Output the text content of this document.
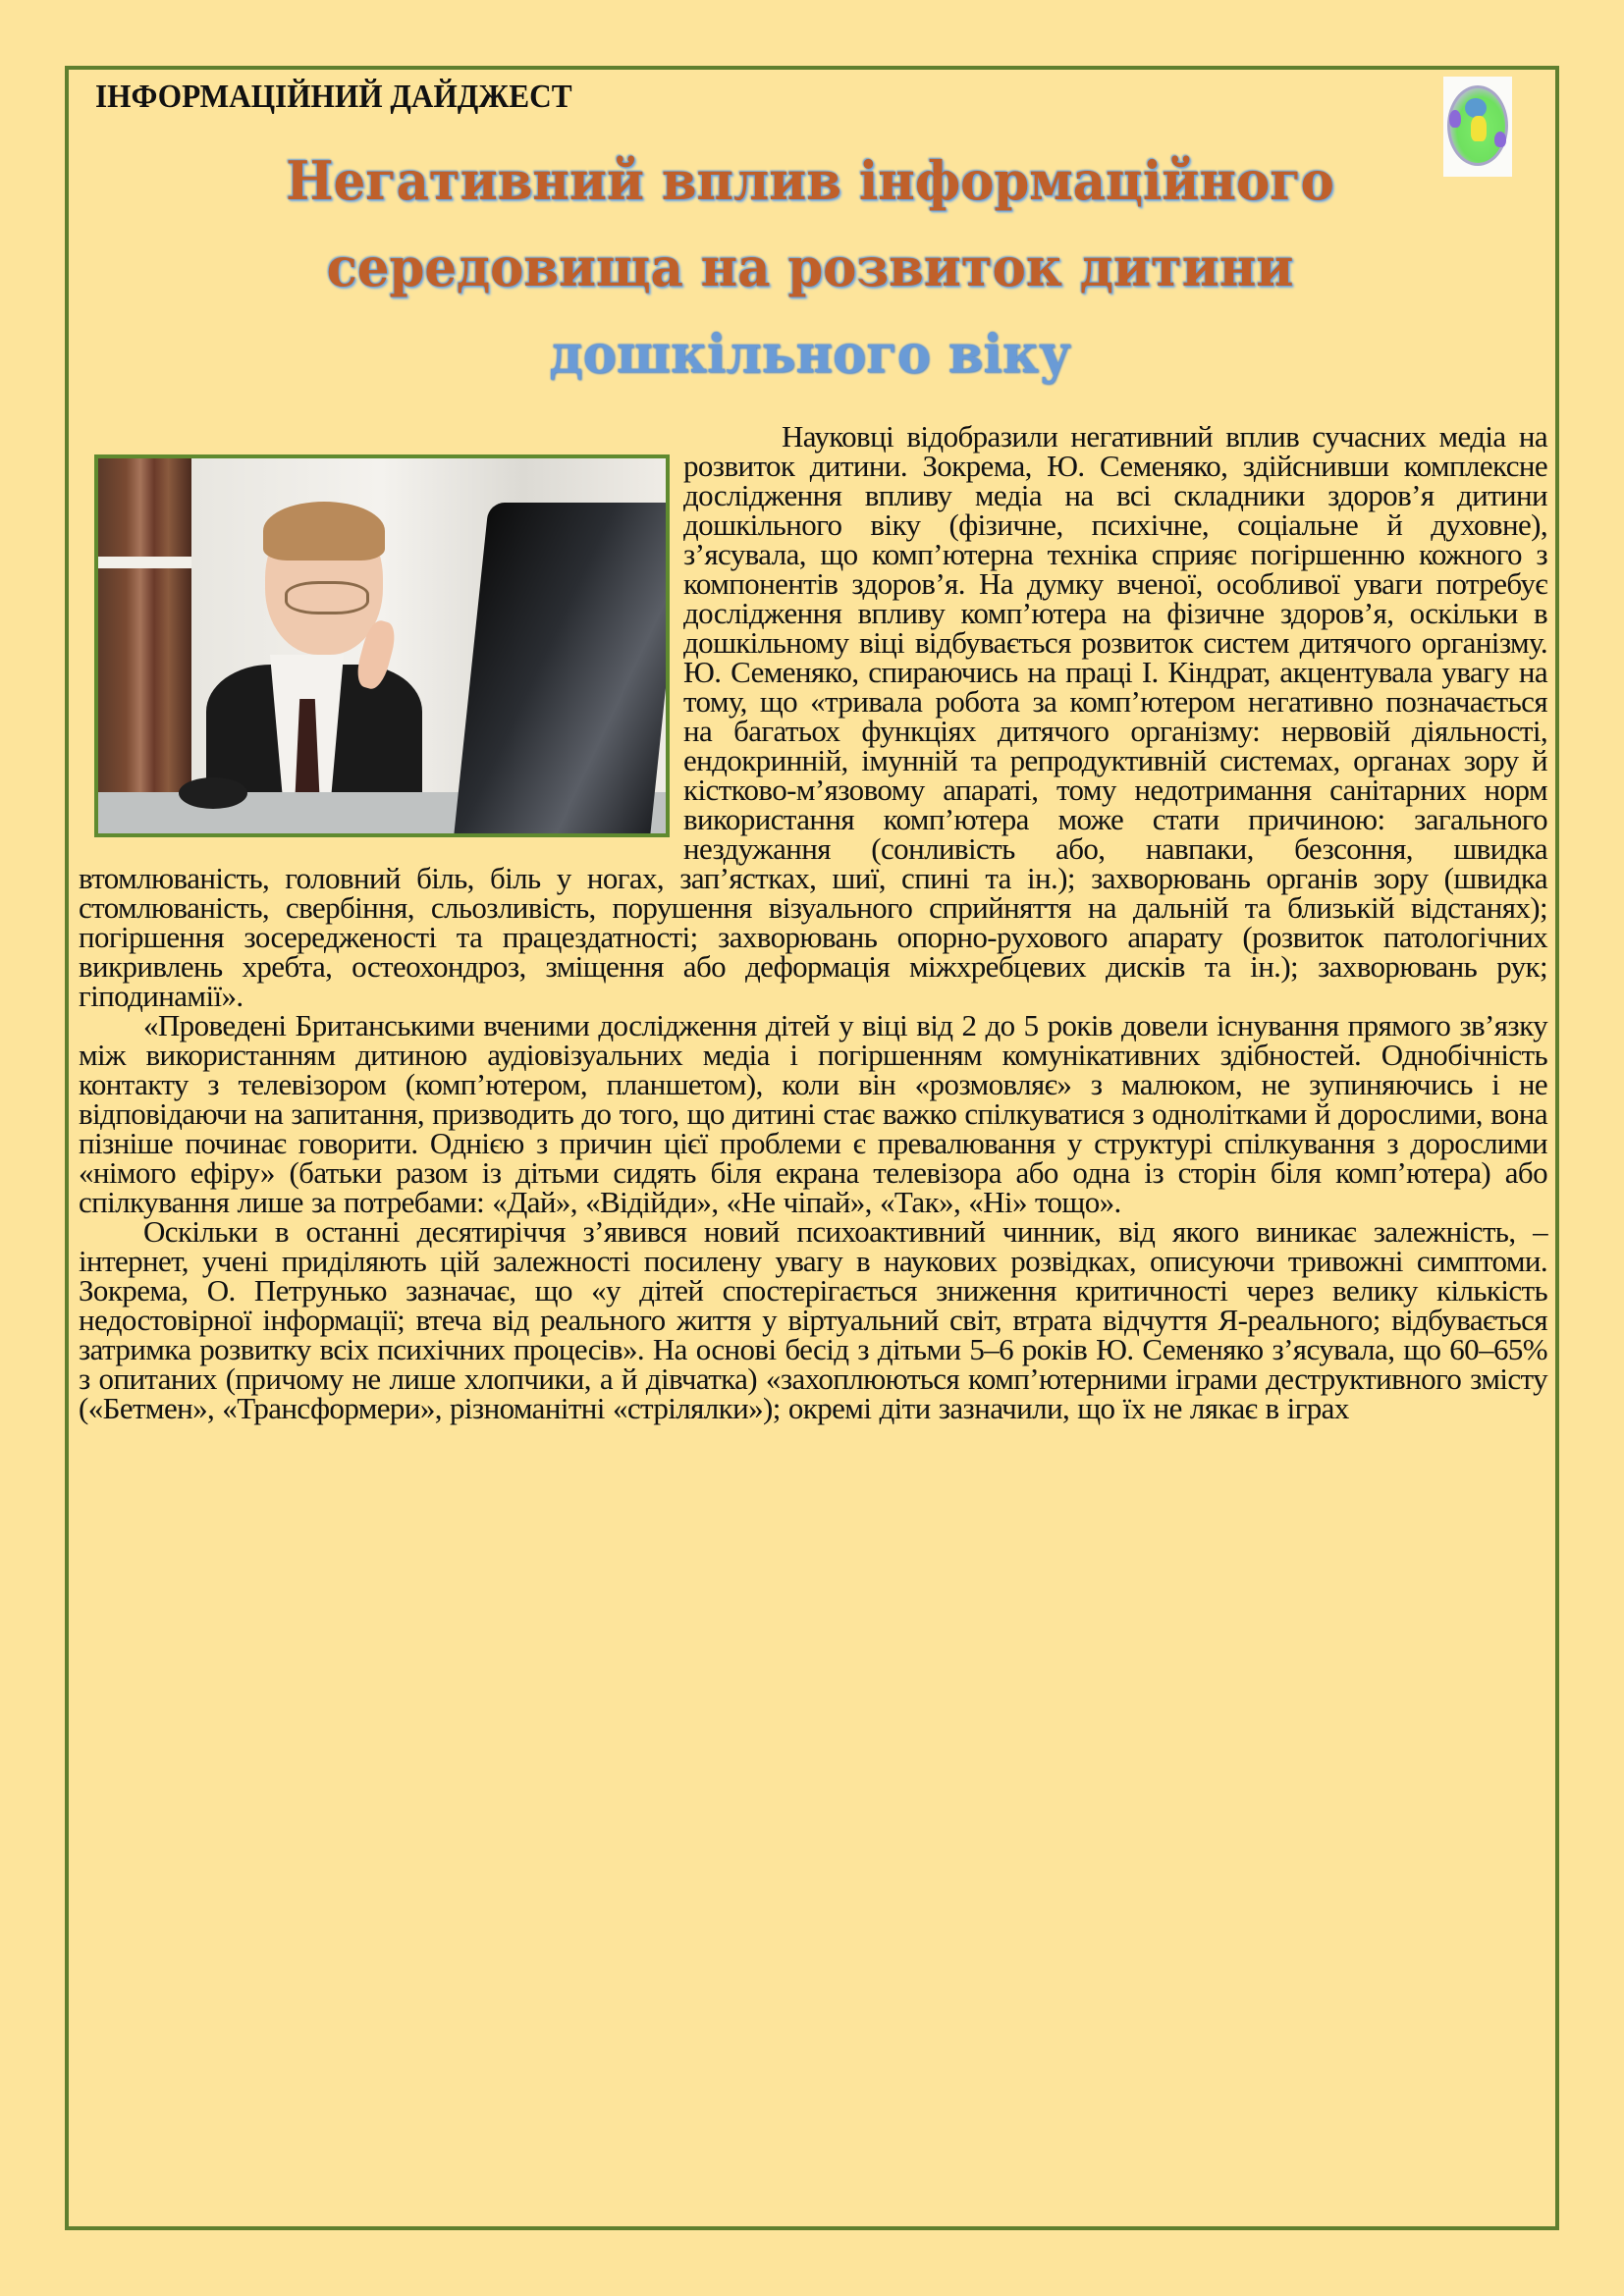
ІНФОРМАЦІЙНИЙ ДАЙДЖЕСТ
Негативний вплив інформаційного
середовища на розвиток дитини
дошкільного віку

Науковці відобразили негативний вплив сучасних медіа на розвиток дитини. Зокрема, Ю. Семеняко, здійснивши комплексне дослідження впливу медіа на всі складники здоров’я дитини дошкільного віку (фізичне, психічне, соціальне й духовне), з’ясувала, що комп’ютерна техніка сприяє погіршенню кожного з компонентів здоров’я. На думку вченої, особливої уваги потребує дослідження впливу комп’ютера на фізичне здоров’я, оскільки в дошкільному віці відбувається розвиток систем дитячого організму. Ю. Семеняко, спираючись на праці І. Кіндрат, акцентувала увагу на тому, що «тривала робота за комп’ютером негативно позначається на багатьох функціях дитячого організму: нервовій діяльності, ендокринній, імунній та репродуктивній системах, органах зору й кістково-м’язовому апараті, тому недотримання санітарних норм використання комп’ютера може стати причиною: загального нездужання (сонливість або, навпаки, безсоння, швидка втомлюваність, головний біль, біль у ногах, зап’ястках, шиї, спині та ін.); захворювань органів зору (швидка стомлюваність, свербіння, сльозливість, порушення візуального сприйняття на дальній та близькій відстанях); погіршення зосередженості та працездатності; захворювань опорно-рухового апарату (розвиток патологічних викривлень хребта, остеохондроз, зміщення або деформація міжхребцевих дисків та ін.); захворювань рук; гіподинамії».

«Проведені Британськими вченими дослідження дітей у віці від 2 до 5 років довели існування прямого зв’язку між використанням дитиною аудіовізуальних медіа і погіршенням комунікативних здібностей. Однобічність контакту з телевізором (комп’ютером, планшетом), коли він «розмовляє» з малюком, не зупиняючись і не відповідаючи на запитання, призводить до того, що дитині стає важко спілкуватися з однолітками й дорослими, вона пізніше починає говорити. Однією з причин цієї проблеми є превалювання у структурі спілкування з дорослими «німого ефіру» (батьки разом із дітьми сидять біля екрана телевізора або одна із сторін біля комп’ютера) або спілкування лише за потребами: «Дай», «Відійди», «Не чіпай», «Так», «Ні» тощо».

Оскільки в останні десятиріччя з’явився новий психоактивний чинник, від якого виникає залежність, – інтернет, учені приділяють цій залежності посилену увагу в наукових розвідках, описуючи тривожні симптоми. Зокрема, О. Петрунько зазначає, що «у дітей спостерігається зниження критичності через велику кількість недостовірної інформації; втеча від реального життя у віртуальний світ, втрата відчуття Я-реального; відбувається затримка розвитку всіх психічних процесів». На основі бесід з дітьми 5–6 років Ю. Семеняко з’ясувала, що 60–65% з опитаних (причому не лише хлопчики, а й дівчатка) «захоплюються комп’ютерними іграми деструктивного змісту («Бетмен», «Трансформери», різноманітні «стрілялки»); окремі діти зазначили, що їх не лякає в іграх
